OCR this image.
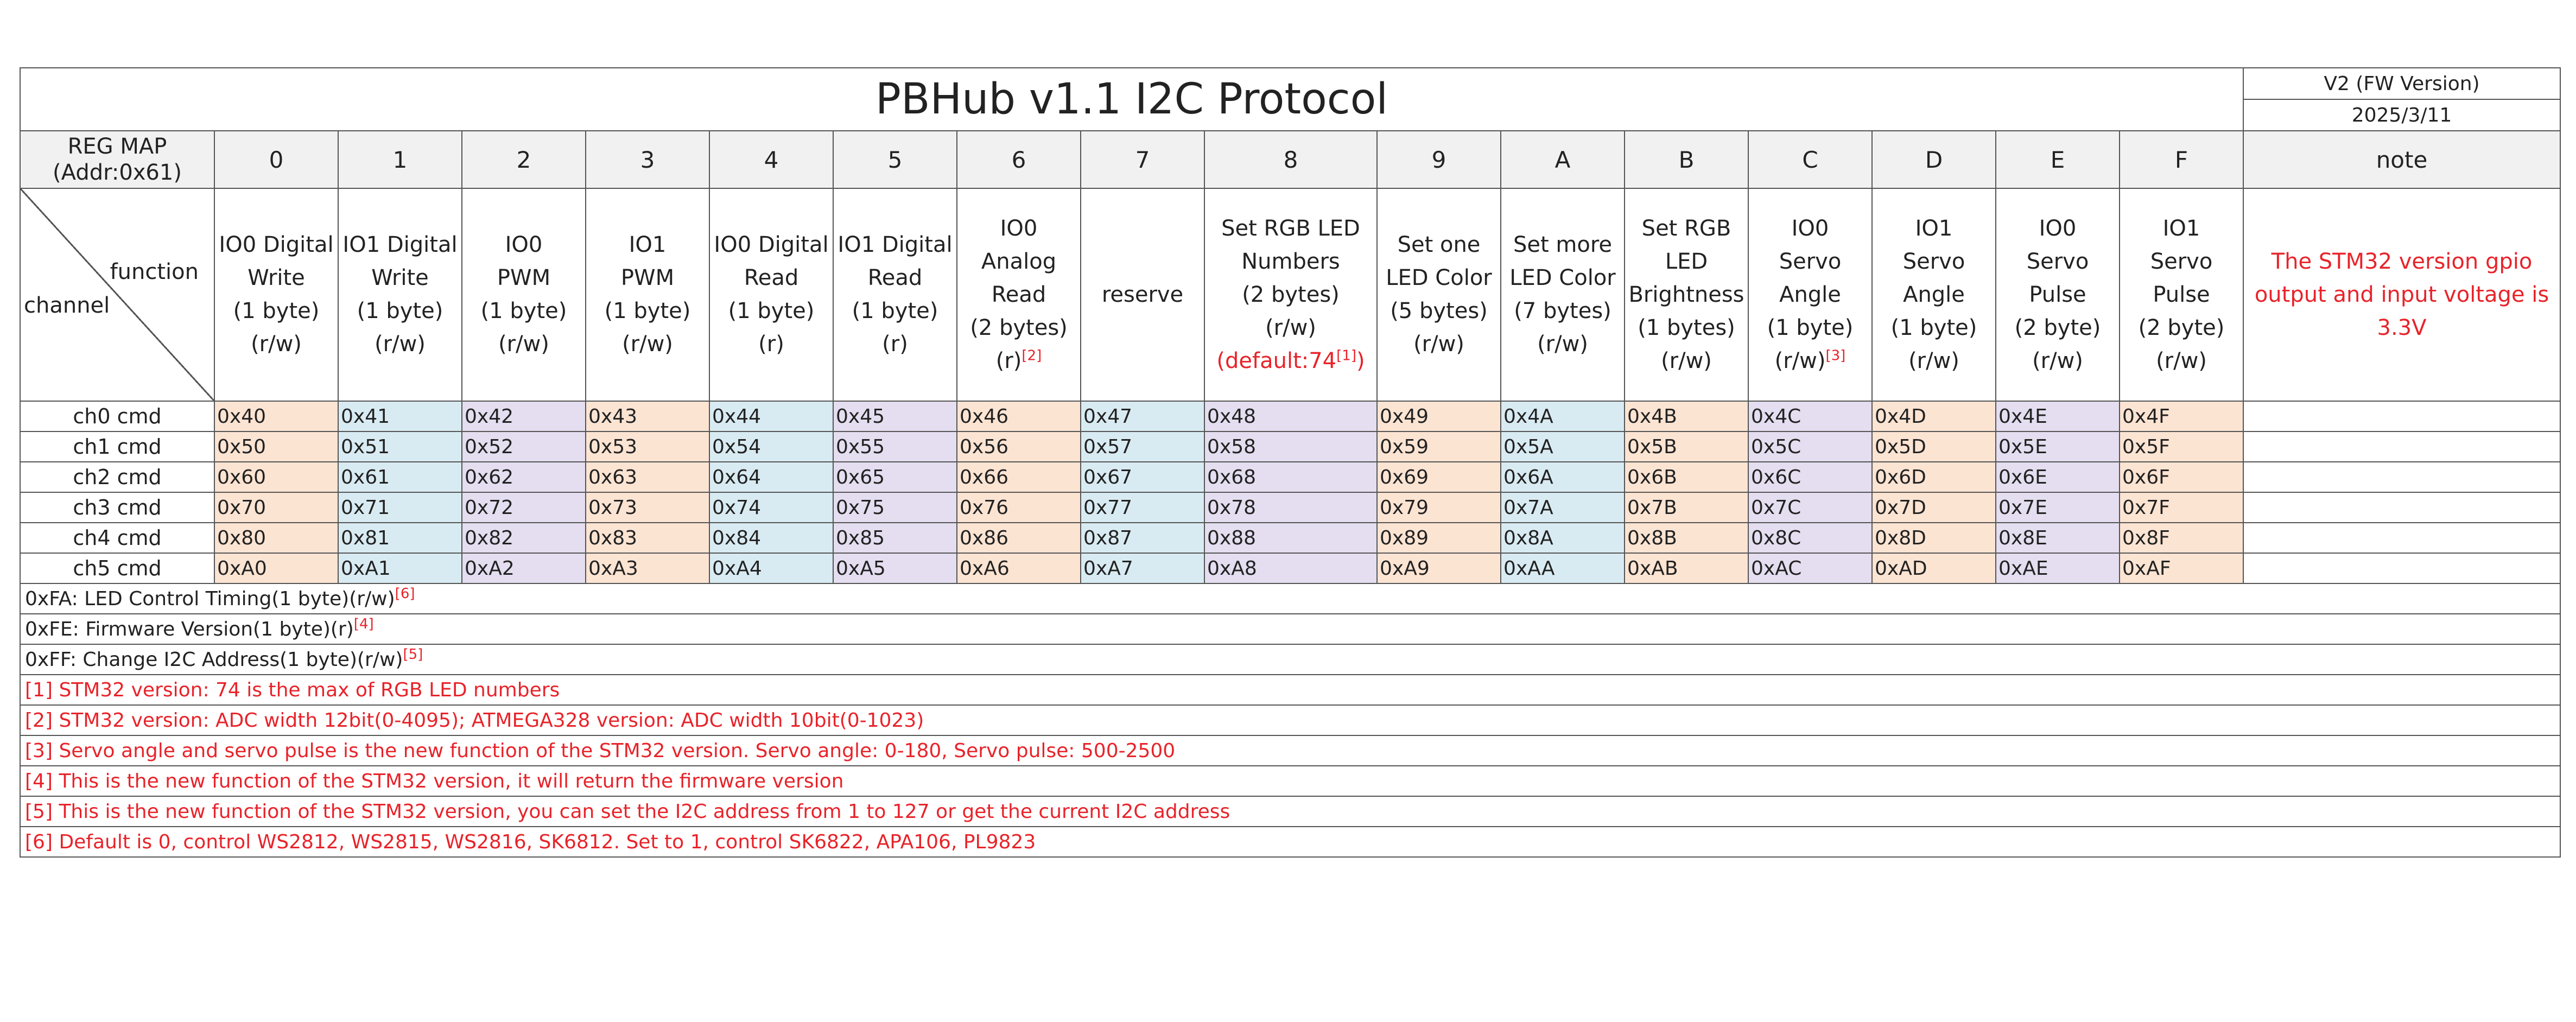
PBHub v1.1 I2C Protocol																	V2 (FW Version)
																	2025/3/11
REG MAP
(Addr:0x61)	0	1	2	3	4	5	6	7	8	9	A	B	C	D	E	F	note

function
channel	IO0 Digital
Write
(1 byte)
(r/w)	IO1 Digital
Write
(1 byte)
(r/w)	IO0
PWM
(1 byte)
(r/w)	IO1
PWM
(1 byte)
(r/w)	IO0 Digital
Read
(1 byte)
(r)	IO1 Digital
Read
(1 byte)
(r)	IO0
Analog
Read
(2 bytes)
(r)[2]	reserve	Set RGB LED
Numbers
(2 bytes)
(r/w)
(default:74[1])	Set one
LED Color
(5 bytes)
(r/w)	Set more
LED Color
(7 bytes)
(r/w)	Set RGB
LED
Brightness
(1 bytes)
(r/w)	IO0
Servo
Angle
(1 byte)
(r/w)[3]	IO1
Servo
Angle
(1 byte)
(r/w)	IO0
Servo
Pulse
(2 byte)
(r/w)	IO1
Servo
Pulse
(2 byte)
(r/w)	The STM32 version gpio output and input voltage is 3.3V
ch0 cmd	0x40	0x41	0x42	0x43	0x44	0x45	0x46	0x47	0x48	0x49	0x4A	0x4B	0x4C	0x4D	0x4E	0x4F	
ch1 cmd	0x50	0x51	0x52	0x53	0x54	0x55	0x56	0x57	0x58	0x59	0x5A	0x5B	0x5C	0x5D	0x5E	0x5F	
ch2 cmd	0x60	0x61	0x62	0x63	0x64	0x65	0x66	0x67	0x68	0x69	0x6A	0x6B	0x6C	0x6D	0x6E	0x6F	
ch3 cmd	0x70	0x71	0x72	0x73	0x74	0x75	0x76	0x77	0x78	0x79	0x7A	0x7B	0x7C	0x7D	0x7E	0x7F	
ch4 cmd	0x80	0x81	0x82	0x83	0x84	0x85	0x86	0x87	0x88	0x89	0x8A	0x8B	0x8C	0x8D	0x8E	0x8F	
ch5 cmd	0xA0	0xA1	0xA2	0xA3	0xA4	0xA5	0xA6	0xA7	0xA8	0xA9	0xAA	0xAB	0xAC	0xAD	0xAE	0xAF	
0xFA: LED Control Timing(1 byte)(r/w)[6]
0xFE: Firmware Version(1 byte)(r)[4]
0xFF: Change I2C Address(1 byte)(r/w)[5]
[1] STM32 version: 74 is the max of RGB LED numbers																	
[2] STM32 version: ADC width 12bit(0-4095); ATMEGA328 version: ADC width 10bit(0-1023)																	
[3] Servo angle and servo pulse is the new function of the STM32 version. Servo angle: 0-180, Servo pulse: 500-2500																	
[4] This is the new function of the STM32 version, it will return the firmware version																	
[5] This is the new function of the STM32 version, you can set the I2C address from 1 to 127 or get the current I2C address																	
[6] Default is 0, control WS2812, WS2815, WS2816, SK6812. Set to 1, control SK6822, APA106, PL9823																	
